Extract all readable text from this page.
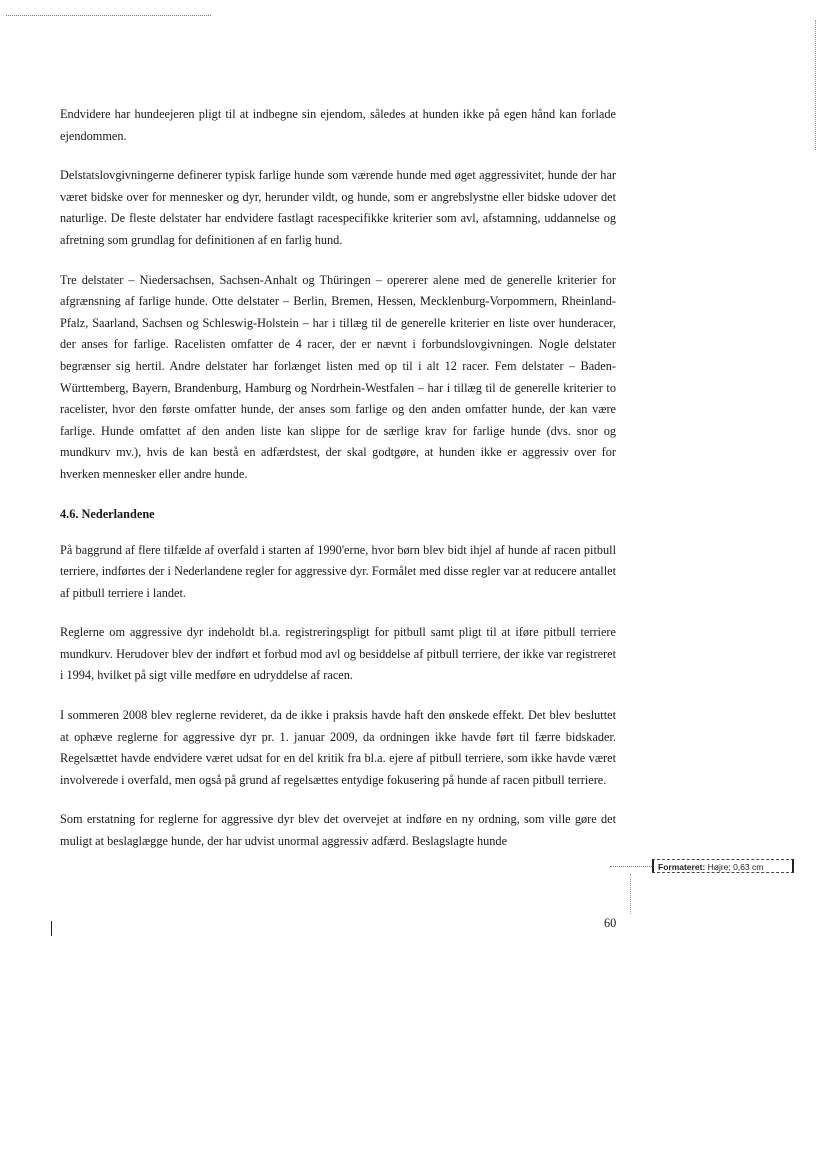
Endvidere har hundeejeren pligt til at indbegne sin ejendom, således at hunden ikke på egen hånd kan forlade ejendommen.

Delstatslovgivningerne definerer typisk farlige hunde som værende hunde med øget aggressivitet, hunde der har været bidske over for mennesker og dyr, herunder vildt, og hunde, som er angrebslystne eller bidske udover det naturlige. De fleste delstater har endvidere fastlagt racespecifikke kriterier som avl, afstamning, uddannelse og afretning som grundlag for definitionen af en farlig hund.

Tre delstater – Niedersachsen, Sachsen-Anhalt og Thüringen – opererer alene med de generelle kriterier for afgrænsning af farlige hunde. Otte delstater – Berlin, Bremen, Hessen, Mecklenburg-Vorpommern, Rheinland-Pfalz, Saarland, Sachsen og Schleswig-Holstein – har i tillæg til de generelle kriterier en liste over hunderacer, der anses for farlige. Racelisten omfatter de 4 racer, der er nævnt i forbundslovgivningen. Nogle delstater begrænser sig hertil. Andre delstater har forlænget listen med op til i alt 12 racer. Fem delstater – Baden-Württemberg, Bayern, Brandenburg, Hamburg og Nordrhein-Westfalen – har i tillæg til de generelle kriterier to racelister, hvor den første omfatter hunde, der anses som farlige og den anden omfatter hunde, der kan være farlige. Hunde omfattet af den anden liste kan slippe for de særlige krav for farlige hunde (dvs. snor og mundkurv mv.), hvis de kan bestå en adfærdstest, der skal godtgøre, at hunden ikke er aggressiv over for hverken mennesker eller andre hunde.

4.6. Nederlandene

På baggrund af flere tilfælde af overfald i starten af 1990'erne, hvor børn blev bidt ihjel af hunde af racen pitbull terriere, indførtes der i Nederlandene regler for aggressive dyr. Formålet med disse regler var at reducere antallet af pitbull terriere i landet.

Reglerne om aggressive dyr indeholdt bl.a. registreringspligt for pitbull samt pligt til at iføre pitbull terriere mundkurv. Herudover blev der indført et forbud mod avl og besiddelse af pitbull terriere, der ikke var registreret i 1994, hvilket på sigt ville medføre en udryddelse af racen.

I sommeren 2008 blev reglerne revideret, da de ikke i praksis havde haft den ønskede effekt. Det blev besluttet at ophæve reglerne for aggressive dyr pr. 1. januar 2009, da ordningen ikke havde ført til færre bidskader. Regelsættet havde endvidere været udsat for en del kritik fra bl.a. ejere af pitbull terriere, som ikke havde været involverede i overfald, men også på grund af regelsættes entydige fokusering på hunde af racen pitbull terriere.

Som erstatning for reglerne for aggressive dyr blev det overvejet at indføre en ny ordning, som ville gøre det muligt at beslaglægge hunde, der har udvist unormal aggressiv adfærd. Beslagslagte hunde

Formateret: Højre: 0,63 cm
60
